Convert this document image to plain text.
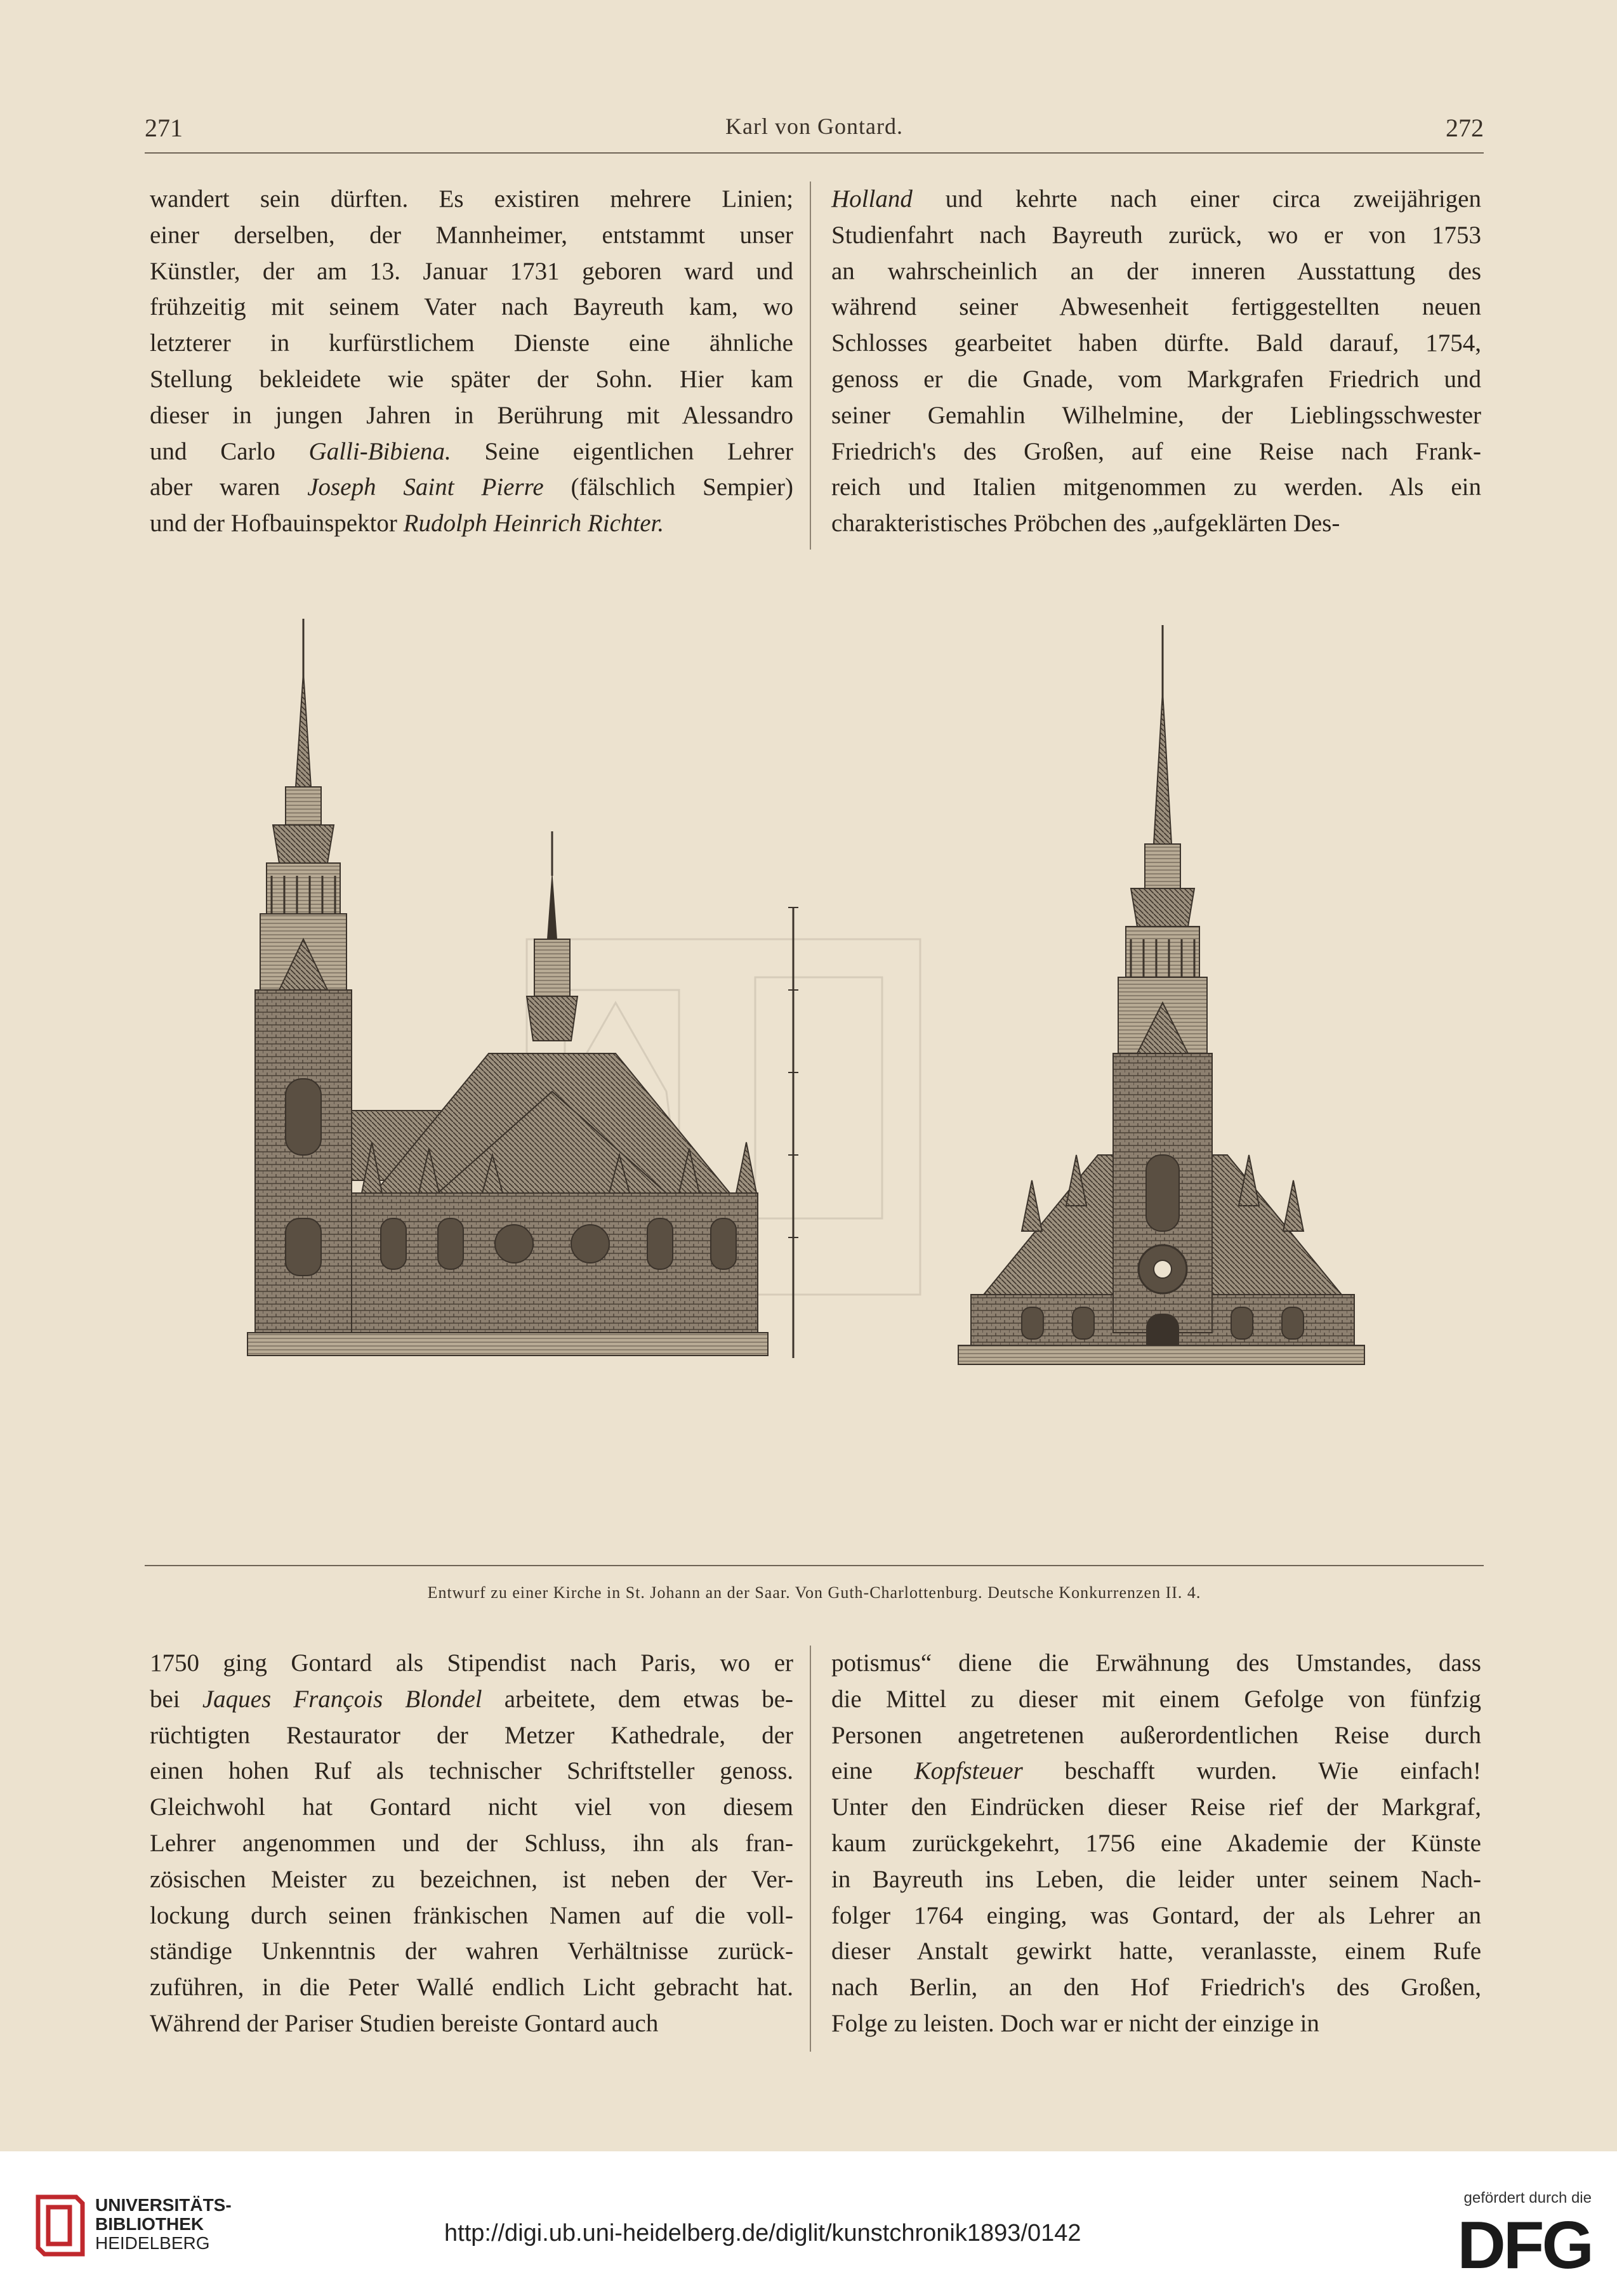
271	Karl von Gontard.	272
wandert sein dürften. Es existiren mehrere Linien;
einer derselben, der Mannheimer, entstammt unser
Künstler, der am 13. Januar 1731 geboren ward und
frühzeitig mit seinem Vater nach Bayreuth kam, wo
letzterer in kurfürstlichem Dienste eine ähnliche
Stellung bekleidete wie später der Sohn. Hier kam
dieser in jungen Jahren in Berührung mit Alessandro
und Carlo Galli-Bibiena. Seine eigentlichen Lehrer
aber waren Joseph Saint Pierre (fälschlich Sempier)
und der Hofbauinspektor Rudolph Heinrich Richter.
Holland und kehrte nach einer circa zweijährigen
Studienfahrt nach Bayreuth zurück, wo er von 1753
an wahrscheinlich an der inneren Ausstattung des
während seiner Abwesenheit fertiggestellten neuen
Schlosses gearbeitet haben dürfte. Bald darauf, 1754,
genoss er die Gnade, vom Markgrafen Friedrich und
seiner Gemahlin Wilhelmine, der Lieblingsschwester
Friedrich's des Großen, auf eine Reise nach Frank-
reich und Italien mitgenommen zu werden. Als ein
charakteristisches Pröbchen des „aufgeklärten Des-
Entwurf zu einer Kirche in St. Johann an der Saar. Von Guth-Charlottenburg. Deutsche Konkurrenzen II. 4.
1750 ging Gontard als Stipendist nach Paris, wo er
bei Jaques François Blondel arbeitete, dem etwas be-
rüchtigten Restaurator der Metzer Kathedrale, der
einen hohen Ruf als technischer Schriftsteller genoss.
Gleichwohl hat Gontard nicht viel von diesem
Lehrer angenommen und der Schluss, ihn als fran-
zösischen Meister zu bezeichnen, ist neben der Ver-
lockung durch seinen fränkischen Namen auf die voll-
ständige Unkenntnis der wahren Verhältnisse zurück-
zuführen, in die Peter Wallé endlich Licht gebracht hat.
Während der Pariser Studien bereiste Gontard auch
potismus“ diene die Erwähnung des Umstandes, dass
die Mittel zu dieser mit einem Gefolge von fünfzig
Personen angetretenen außerordentlichen Reise durch
eine Kopfsteuer beschafft wurden. Wie einfach!
Unter den Eindrücken dieser Reise rief der Markgraf,
kaum zurückgekehrt, 1756 eine Akademie der Künste
in Bayreuth ins Leben, die leider unter seinem Nach-
folger 1764 einging, was Gontard, der als Lehrer an
dieser Anstalt gewirkt hatte, veranlasste, einem Rufe
nach Berlin, an den Hof Friedrich's des Großen,
Folge zu leisten. Doch war er nicht der einzige in
UNIVERSITÄTS-
BIBLIOTHEK
HEIDELBERG	http://digi.ub.uni-heidelberg.de/diglit/kunstchronik1893/0142
gefördert durch die
DFG
